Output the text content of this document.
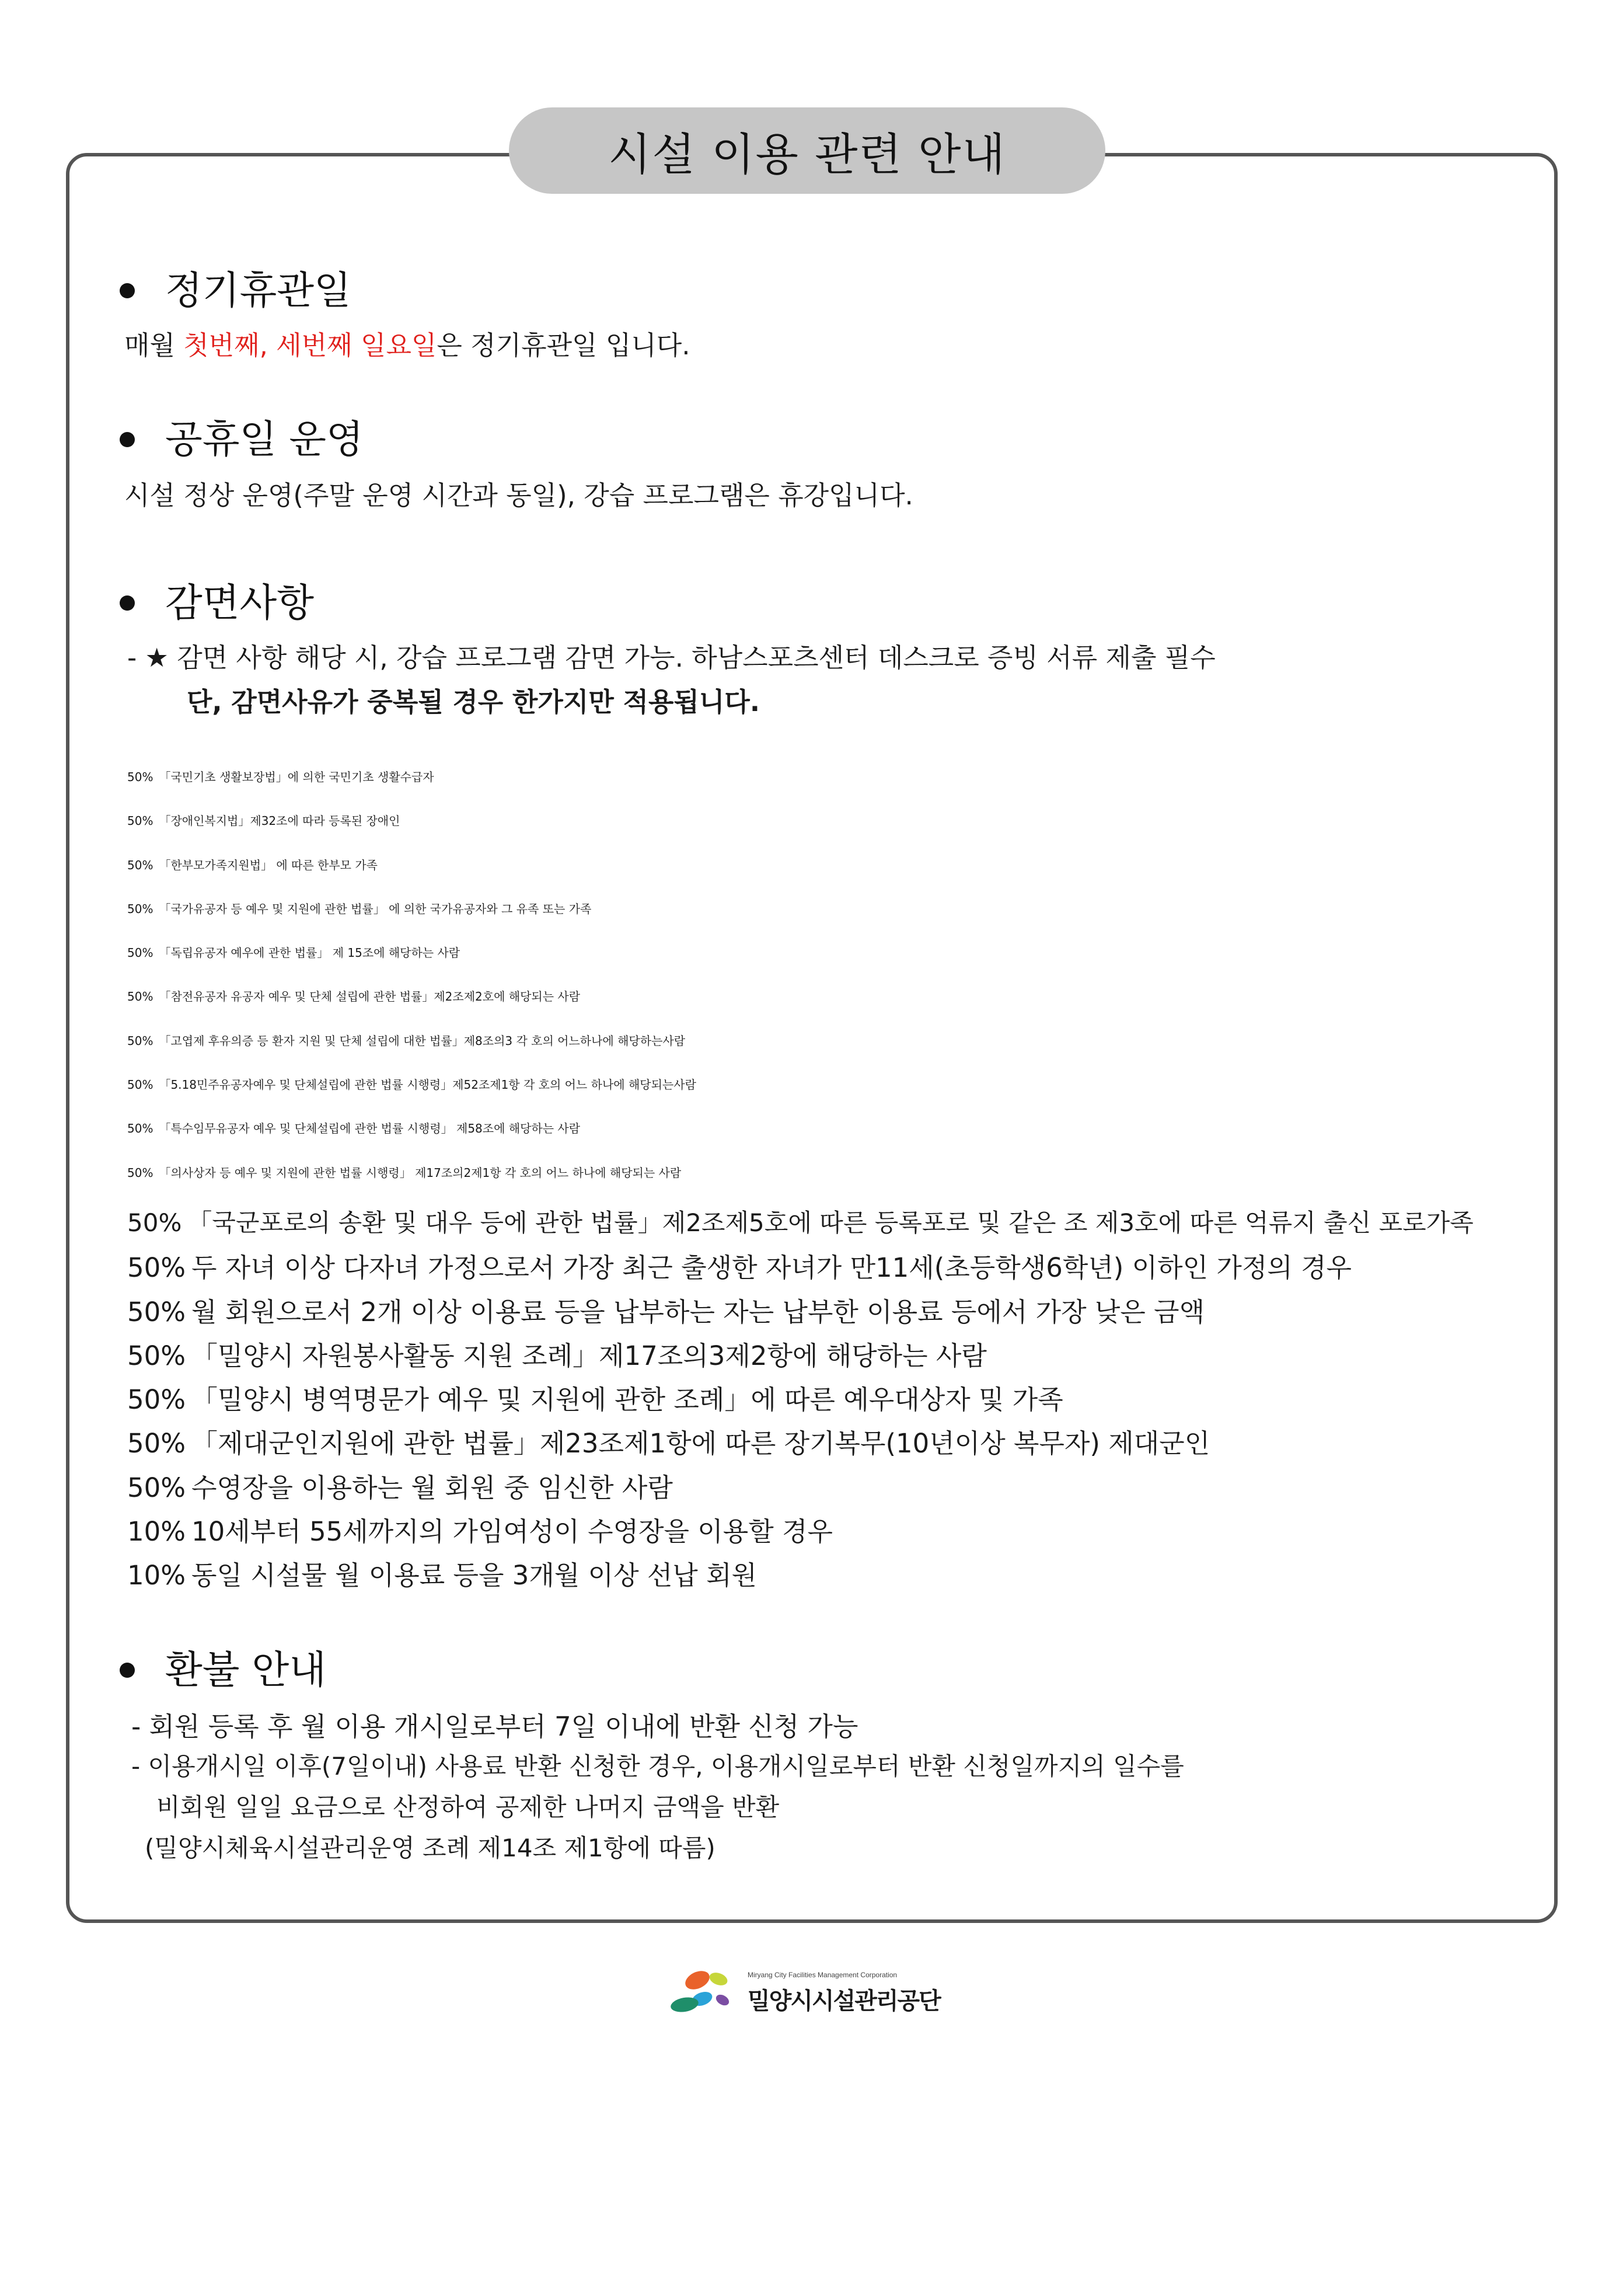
시설 이용 관련 안내
정기휴관일
매월 첫번째, 세번째 일요일은 정기휴관일 입니다.
공휴일 운영
시설 정상 운영(주말 운영 시간과 동일), 강습 프로그램은 휴강입니다.
감면사항
- ★ 감면 사항 해당 시, 강습 프로그램 감면 가능. 하남스포츠센터 데스크로 증빙 서류 제출 필수
단, 감면사유가 중복될 경우 한가지만 적용됩니다.
50% 「국민기초 생활보장법」에 의한 국민기초 생활수급자
50% 「장애인복지법」제32조에 따라 등록된 장애인
50% 「한부모가족지원법」 에 따른 한부모 가족
50% 「국가유공자 등 예우 및 지원에 관한 법률」 에 의한 국가유공자와 그 유족 또는 가족
50% 「독립유공자 예우에 관한 법률」 제 15조에 해당하는 사람
50% 「참전유공자 유공자 예우 및 단체 설립에 관한 법률」제2조제2호에 해당되는 사람
50% 「고엽제 후유의증 등 환자 지원 및 단체 설립에 대한 법률」제8조의3 각 호의 어느하나에 해당하는사람
50% 「5.18민주유공자예우 및 단체설립에 관한 법률 시행령」제52조제1항 각 호의 어느 하나에 해당되는사람
50% 「특수임무유공자 예우 및 단체설립에 관한 법률 시행령」 제58조에 해당하는 사람
50% 「의사상자 등 예우 및 지원에 관한 법률 시행령」 제17조의2제1항 각 호의 어느 하나에 해당되는 사람
50% 「국군포로의 송환 및 대우 등에 관한 법률」제2조제5호에 따른 등록포로 및 같은 조 제3호에 따른 억류지 출신 포로가족
50% 두 자녀 이상 다자녀 가정으로서 가장 최근 출생한 자녀가 만11세(초등학생6학년) 이하인 가정의 경우
50% 월 회원으로서 2개 이상 이용료 등을 납부하는 자는 납부한 이용료 등에서 가장 낮은 금액
50% 「밀양시 자원봉사활동 지원 조례」제17조의3제2항에 해당하는 사람
50% 「밀양시 병역명문가 예우 및 지원에 관한 조례」에 따른 예우대상자 및 가족
50% 「제대군인지원에 관한 법률」제23조제1항에 따른 장기복무(10년이상 복무자) 제대군인
50% 수영장을 이용하는 월 회원 중 임신한 사람
10% 10세부터 55세까지의 가임여성이 수영장을 이용할 경우
10% 동일 시설물 월 이용료 등을 3개월 이상 선납 회원
환불 안내
- 회원 등록 후 월 이용 개시일로부터 7일 이내에 반환 신청 가능
- 이용개시일 이후(7일이내) 사용료 반환 신청한 경우, 이용개시일로부터 반환 신청일까지의 일수를
비회원 일일 요금으로 산정하여 공제한 나머지 금액을 반환
(밀양시체육시설관리운영 조례 제14조 제1항에 따름)
Miryang City Facilities Management Corporation
밀양시시설관리공단
